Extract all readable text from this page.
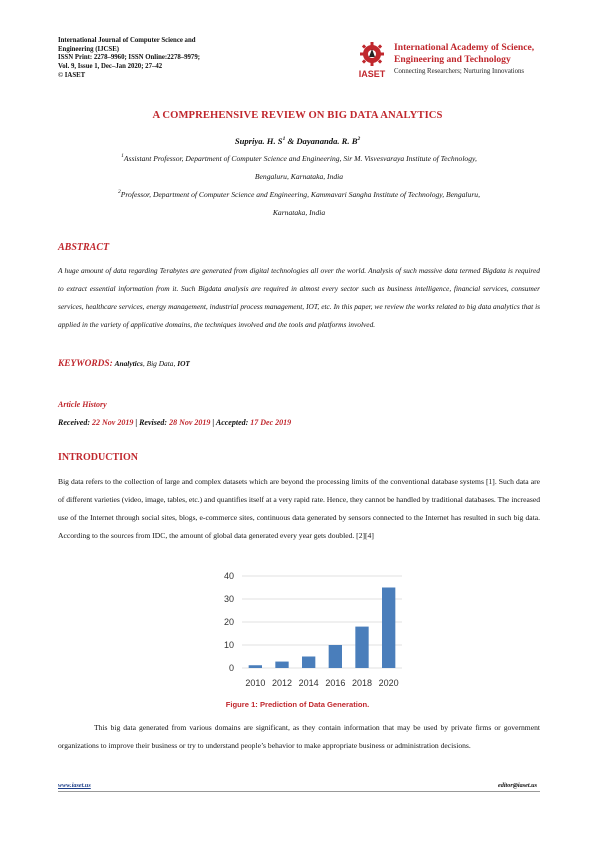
International Journal of Computer Science and
Engineering (IJCSE)
ISSN Print: 2278–9960; ISSN Online:2278–9979;
Vol. 9, Issue 1, Dec–Jan 2020; 27–42
© IASET	IASET
International Academy of Science,
Engineering and Technology
Connecting Researchers; Nurturing Innovations
A COMPREHENSIVE REVIEW ON BIG DATA ANALYTICS
Supriya. H. $S^1$ & Dayananda. R. $B^2$
$^1$Assistant Professor, Department of Computer Science and Engineering, Sir M. Visvesvaraya Institute of Technology,
Bengaluru, Karnataka, India
$^2$Professor, Department of Computer Science and Engineering, Kammavari Sangha Institute of Technology, Bengaluru,
Karnataka, India
ABSTRACT
A huge amount of data regarding Terabytes are generated from digital technologies all over the world. Analysis of such massive data termed Bigdata is required to extract essential information from it. Such Bigdata analysis are required in almost every sector such as business intelligence, financial services, consumer services, healthcare services, energy management, industrial process management, IOT, etc. In this paper, we review the works related to big data analytics that is applied in the variety of applicative domains, the techniques involved and the tools and platforms involved.
KEYWORDS: Analytics, Big Data, IOT
Article History
Received: 22 Nov 2019 | Revised: 28 Nov 2019 | Accepted: 17 Dec 2019
INTRODUCTION
Big data refers to the collection of large and complex datasets which are beyond the processing limits of the conventional database systems [1]. Such data are of different varieties (video, image, tables, etc.) and quantifies itself at a very rapid rate. Hence, they cannot be handled by traditional databases. The increased use of the Internet through social sites, blogs, e-commerce sites, continuous data generated by sensors connected to the Internet has resulted in such big data. According to the sources from IDC, the amount of global data generated every year gets doubled. [2][4]
0
10
20
30
40
2010 2012 2014 2016 2018 2020
Figure 1: Prediction of Data Generation.
This big data generated from various domains are significant, as they contain information that may be used by private firms or government organizations to improve their business or try to understand people’s behavior to make appropriate business or administration decisions.
www.iaset.us	editor@iaset.us
